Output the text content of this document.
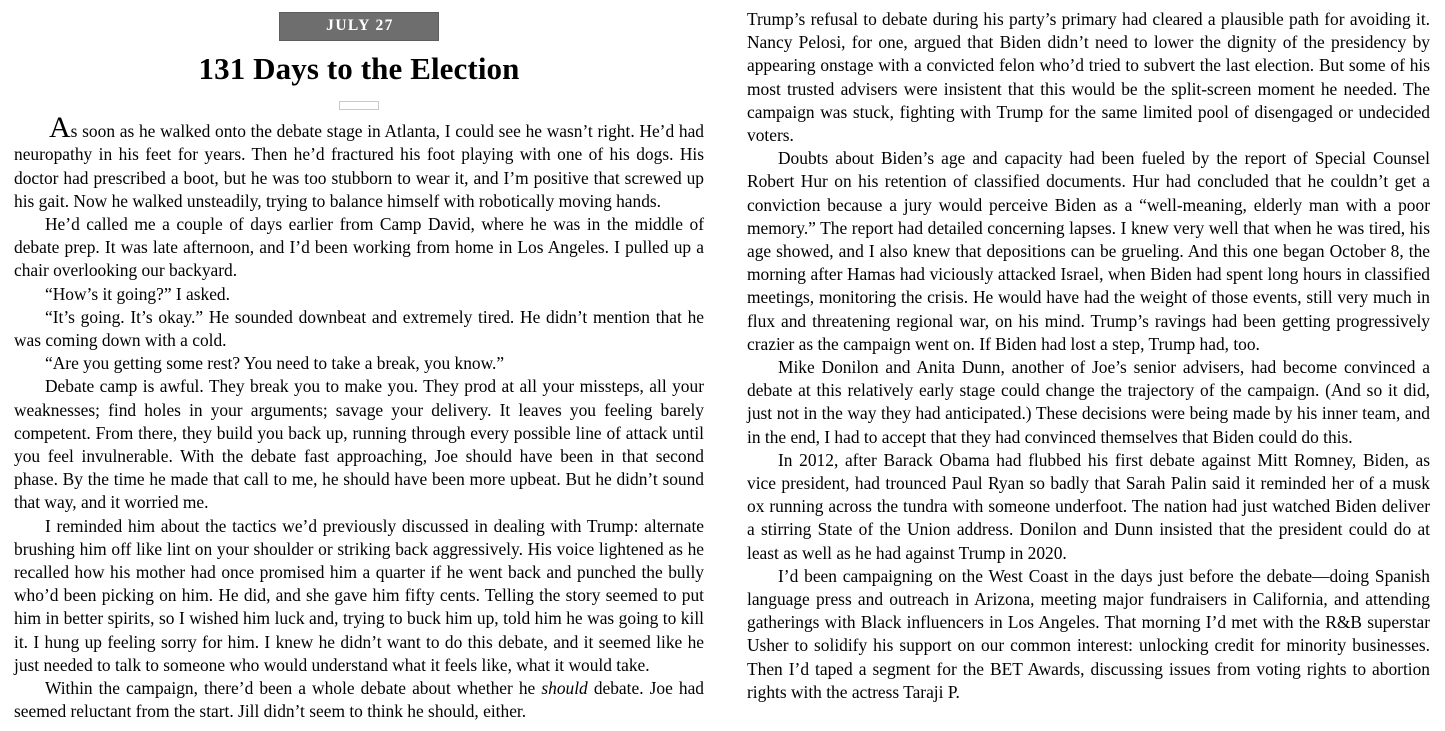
JULY 27
131 Days to the Election

As soon as he walked onto the debate stage in Atlanta, I could see he wasn’t right. He’d had neuropathy in his feet for years. Then he’d fractured his foot playing with one of his dogs. His doctor had prescribed a boot, but he was too stubborn to wear it, and I’m positive that screwed up his gait. Now he walked unsteadily, trying to balance himself with robotically moving hands.

He’d called me a couple of days earlier from Camp David, where he was in the middle of debate prep. It was late afternoon, and I’d been working from home in Los Angeles. I pulled up a chair overlooking our backyard.

“How’s it going?” I asked.

“It’s going. It’s okay.” He sounded downbeat and extremely tired. He didn’t mention that he was coming down with a cold.

“Are you getting some rest? You need to take a break, you know.”

Debate camp is awful. They break you to make you. They prod at all your missteps, all your weaknesses; find holes in your arguments; savage your delivery. It leaves you feeling barely competent. From there, they build you back up, running through every possible line of attack until you feel invulnerable. With the debate fast approaching, Joe should have been in that second phase. By the time he made that call to me, he should have been more upbeat. But he didn’t sound that way, and it worried me.

I reminded him about the tactics we’d previously discussed in dealing with Trump: alternate brushing him off like lint on your shoulder or striking back aggressively. His voice lightened as he recalled how his mother had once promised him a quarter if he went back and punched the bully who’d been picking on him. He did, and she gave him fifty cents. Telling the story seemed to put him in better spirits, so I wished him luck and, trying to buck him up, told him he was going to kill it. I hung up feeling sorry for him. I knew he didn’t want to do this debate, and it seemed like he just needed to talk to someone who would understand what it feels like, what it would take.

Within the campaign, there’d been a whole debate about whether he should debate. Joe had seemed reluctant from the start. Jill didn’t seem to think he should, either.

Trump’s refusal to debate during his party’s primary had cleared a plausible path for avoiding it. Nancy Pelosi, for one, argued that Biden didn’t need to lower the dignity of the presidency by appearing onstage with a convicted felon who’d tried to subvert the last election. But some of his most trusted advisers were insistent that this would be the split-screen moment he needed. The campaign was stuck, fighting with Trump for the same limited pool of disengaged or undecided voters.

Doubts about Biden’s age and capacity had been fueled by the report of Special Counsel Robert Hur on his retention of classified documents. Hur had concluded that he couldn’t get a conviction because a jury would perceive Biden as a “well-meaning, elderly man with a poor memory.” The report had detailed concerning lapses. I knew very well that when he was tired, his age showed, and I also knew that depositions can be grueling. And this one began October 8, the morning after Hamas had viciously attacked Israel, when Biden had spent long hours in classified meetings, monitoring the crisis. He would have had the weight of those events, still very much in flux and threatening regional war, on his mind. Trump’s ravings had been getting progressively crazier as the campaign went on. If Biden had lost a step, Trump had, too.

Mike Donilon and Anita Dunn, another of Joe’s senior advisers, had become convinced a debate at this relatively early stage could change the trajectory of the campaign. (And so it did, just not in the way they had anticipated.) These decisions were being made by his inner team, and in the end, I had to accept that they had convinced themselves that Biden could do this.

In 2012, after Barack Obama had flubbed his first debate against Mitt Romney, Biden, as vice president, had trounced Paul Ryan so badly that Sarah Palin said it reminded her of a musk ox running across the tundra with someone underfoot. The nation had just watched Biden deliver a stirring State of the Union address. Donilon and Dunn insisted that the president could do at least as well as he had against Trump in 2020.

I’d been campaigning on the West Coast in the days just before the debate—doing Spanish language press and outreach in Arizona, meeting major fundraisers in California, and attending gatherings with Black influencers in Los Angeles. That morning I’d met with the R&B superstar Usher to solidify his support on our common interest: unlocking credit for minority businesses. Then I’d taped a segment for the BET Awards, discussing issues from voting rights to abortion rights with the actress Taraji P.
